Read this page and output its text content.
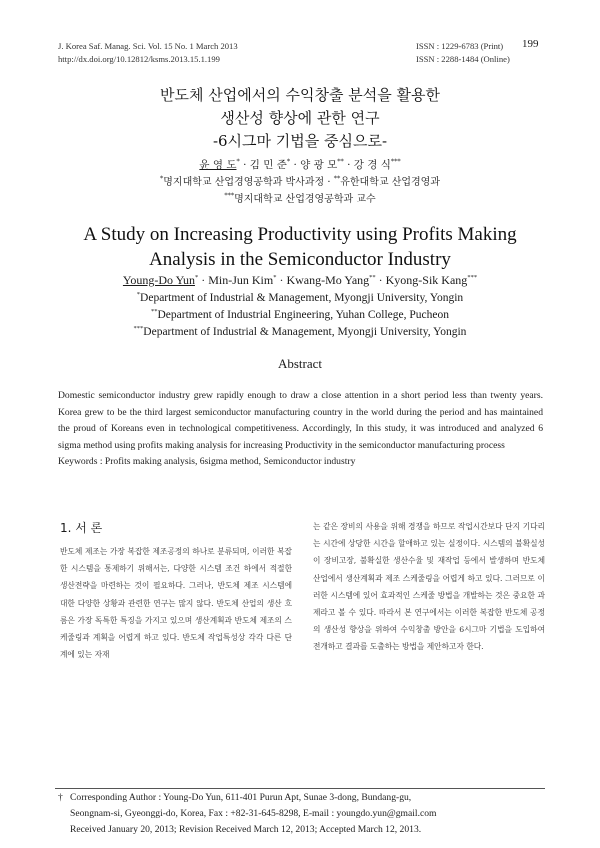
J. Korea Saf. Manag. Sci. Vol. 15 No. 1 March 2013
http://dx.doi.org/10.12812/ksms.2013.15.1.199
ISSN : 1229-6783 (Print)
ISSN : 2288-1484 (Online)
199
반도체 산업에서의 수익창출 분석을 활용한
생산성 향상에 관한 연구
-6시그마 기법을 중심으로-
윤 영 도* · 김 민 준* · 양 광 모** · 강 경 식***
*명지대학교 산업경영공학과 박사과정 · **유한대학교 산업경영과
***명지대학교 산업경영공학과 교수
A Study on Increasing Productivity using Profits Making
Analysis in the Semiconductor Industry
Young-Do Yun* · Min-Jun Kim* · Kwang-Mo Yang** · Kyong-Sik Kang***
*Department of Industrial & Management, Myongji University, Yongin
**Department of Industrial Engineering, Yuhan College, Pucheon
***Department of Industrial & Management, Myongji University, Yongin
Abstract
Domestic semiconductor industry grew rapidly enough to draw a close attention in a short period less than twenty years. Korea grew to be the third largest semiconductor manufacturing country in the world during the period and has maintained the proud of Koreans even in technological competitiveness. Accordingly, In this study, it was introduced and analyzed 6 sigma method using profits making analysis for increasing Productivity in the semiconductor manufacturing process
Keywords : Profits making analysis, 6sigma method, Semiconductor industry
1. 서 론
반도체 제조는 가장 복잡한 제조공정의 하나로 분류되며, 이러한 복잡한 시스템을 통제하기 위해서는, 다양한 시스템 조건 하에서 적절한 생산전략을 마련하는 것이 필요하다. 그러나, 반도체 제조 시스템에 대한 다양한 상황과 관련한 연구는 많지 않다. 반도체 산업의 생산 흐름은 가장 독특한 특징을 가지고 있으며 생산계획과 반도체 제조의 스케줄링과 계획을 어렵게 하고 있다. 반도체 작업특성상 각각 다른 단계에 있는 자재
는 같은 장비의 사용을 위해 경쟁을 하므로 작업시간보다 단지 기다리는 시간에 상당한 시간을 할애하고 있는 실정이다. 시스템의 불확실성이 장비고장, 불확실한 생산수율 및 재작업 등에서 발생하며 반도체 산업에서 생산계획과 제조 스케줄링을 어렵게 하고 있다. 그러므로 이러한 시스템에 있어 효과적인 스케줄 방법을 개발하는 것은 중요한 과제라고 볼 수 있다. 따라서 본 연구에서는 이러한 복잡한 반도체 공정의 생산성 향상을 위하여 수익창출 방안을 6시그마 기법을 도입하여 전개하고 결과를 도출하는 방법을 제안하고자 한다.
† Corresponding Author : Young-Do Yun, 611-401 Purun Apt, Sunae 3-dong, Bundang-gu,
Seongnam-si, Gyeonggi-do, Korea, Fax : +82-31-645-8298, E-mail : youngdo.yun@gmail.com
Received January 20, 2013; Revision Received March 12, 2013; Accepted March 12, 2013.
